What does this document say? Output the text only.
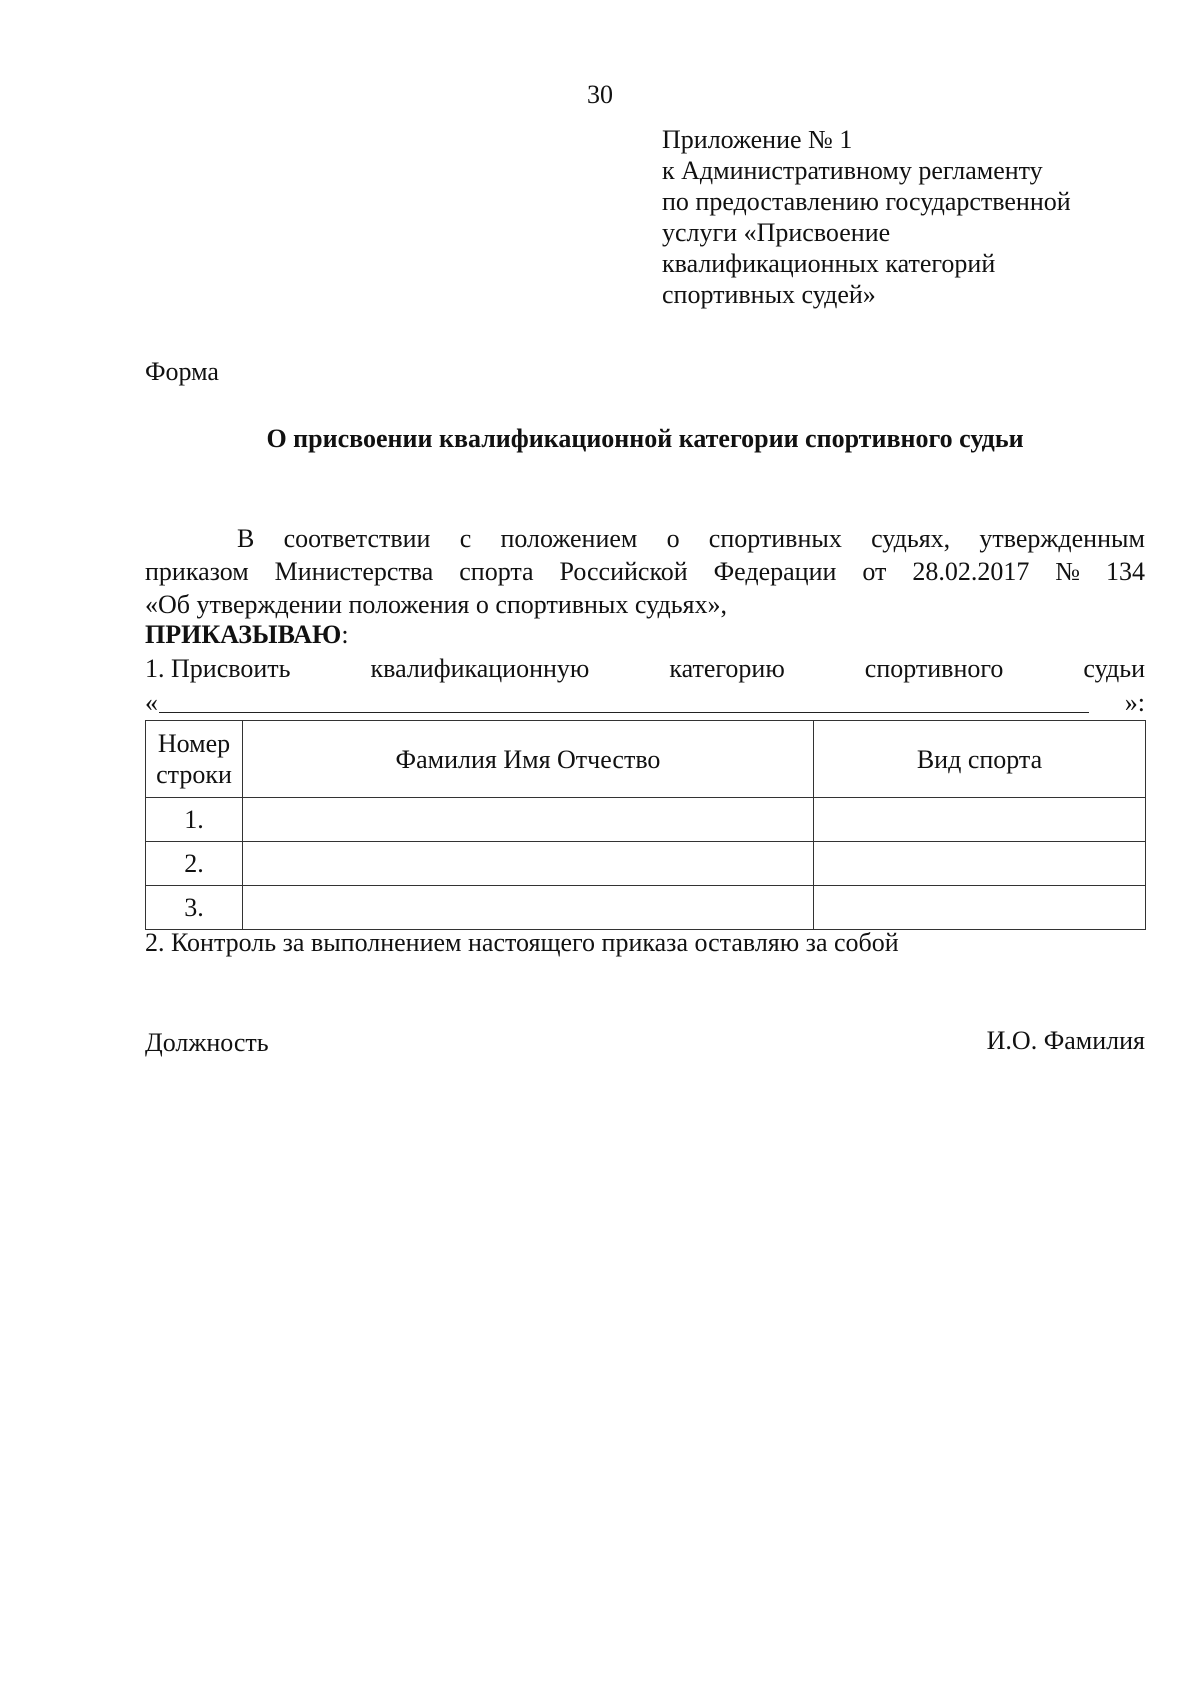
30
Приложение № 1
к Административному регламенту
по предоставлению государственной
услуги «Присвоение
квалификационных категорий
спортивных судей»
Форма
О присвоении квалификационной категории спортивного судьи
В соответствии с положением о спортивных судьях, утвержденным
приказом Министерства спорта Российской Федерации от 28.02.2017 № 134
«Об утверждении положения о спортивных судьях»,
ПРИКАЗЫВАЮ:
1. Присвоить	квалификационную	категорию	спортивного	судьи
«	»:
Номер строки	Фамилия Имя Отчество	Вид спорта
1.		
2.		
3.		
2. Контроль за выполнением настоящего приказа оставляю за собой
Должность	И.О. Фамилия
